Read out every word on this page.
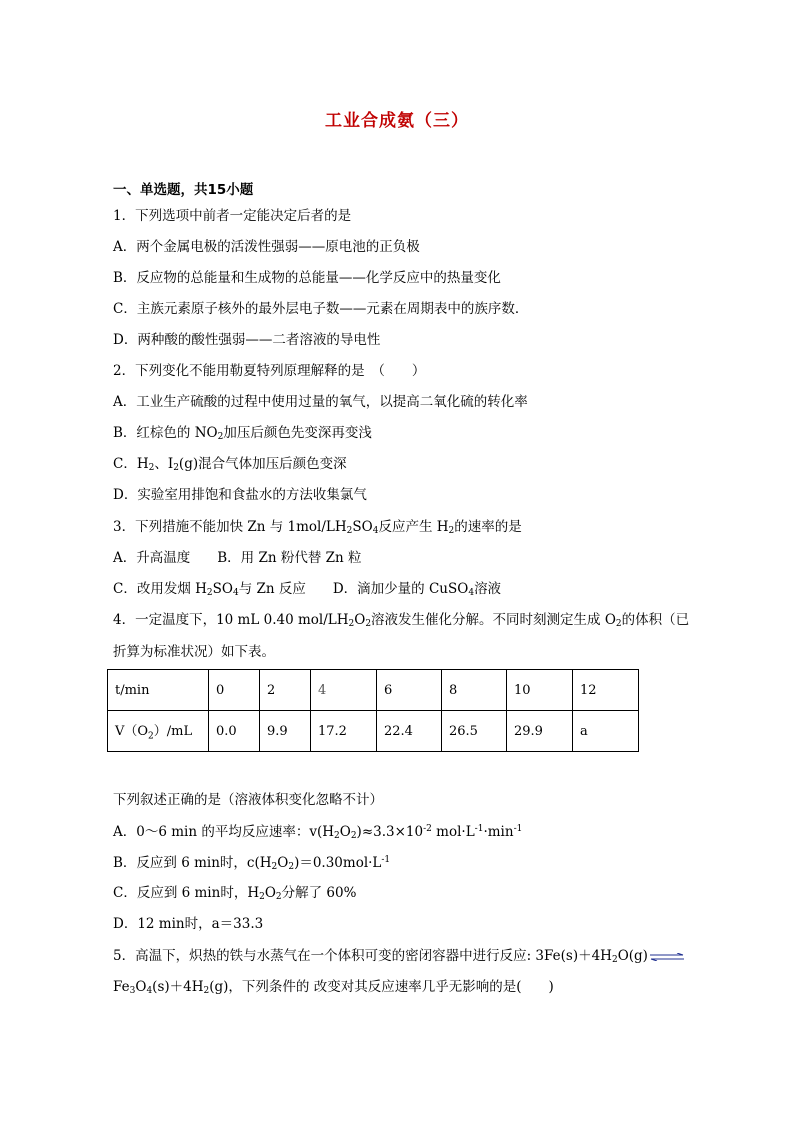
工业合成氨（三）
一、单选题，共15小题
1．下列选项中前者一定能决定后者的是
A．两个金属电极的活泼性强弱——原电池的正负极
B．反应物的总能量和生成物的总能量——化学反应中的热量变化
C．主族元素原子核外的最外层电子数——元素在周期表中的族序数．
D．两种酸的酸性强弱——二者溶液的导电性
2．下列变化不能用勒夏特列原理解释的是　（　　）
A．工业生产硫酸的过程中使用过量的氧气，以提高二氧化硫的转化率
B．红棕色的 $NO_2$加压后颜色先变深再变浅
C．$H_2$、$I_2(g)$混合气体加压后颜色变深
D．实验室用排饱和食盐水的方法收集氯气
3．下列措施不能加快 Zn 与 $1mol/LH_2SO_4$反应产生 $H_2$的速率的是
A．升高温度　　B．用 Zn 粉代替 Zn 粒
C．改用发烟 $H_2SO_4$与 Zn 反应　　D．滴加少量的 CuSO$_4$溶液
4．一定温度下，10 mL 0.40 mol/$LH_2O_2$溶液发生催化分解。不同时刻测定生成 $O_2$的体积（已
折算为标准状况）如下表。
t/min	0	2	4	6	8	10	12
$V(O_2)/mL$	0.0	9.9	17.2	22.4	26.5	29.9	a
下列叙述正确的是（溶液体积变化忽略不计）
A．0～6 min 的平均反应速率：$v(H_2O_2)\approx 3.3\times 10^{-2}$ $mol\cdot L^{-1}\cdot\min^{-1}$
B．反应到 6 min时，$c(H_2O_2)=0.30mol\cdot L^{-1}$
C．反应到 6 min时，$H_2O_2$分解了 60%
D．12 min时，a＝33.3
5．高温下，炽热的铁与水蒸气在一个体积可变的密闭容器中进行反应: $3Fe(s)+4H_2O(g)$ ⇌
$Fe_3O_4(s)+4H_2(g)$，下列条件的 改变对其反应速率几乎无影响的是(　　)
